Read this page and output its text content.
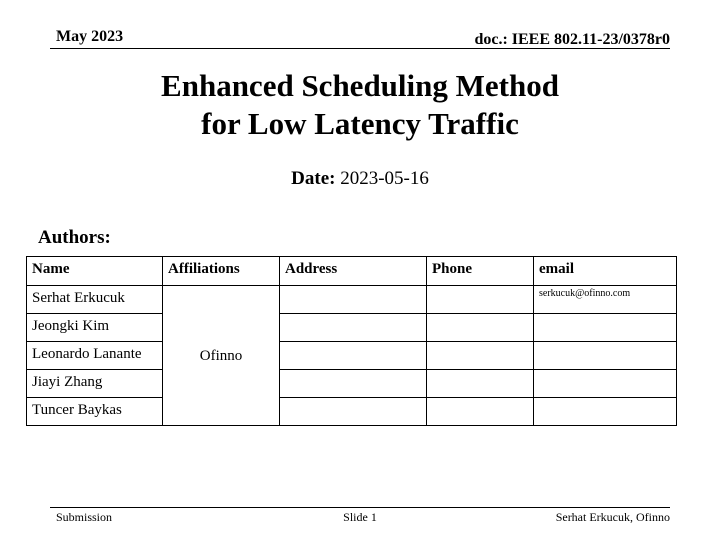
May 2023	doc.: IEEE 802.11-23/0378r0
Enhanced Scheduling Method
for Low Latency Traffic
Date: 2023-05-16
Authors:
Name	Affiliations	Address	Phone	email
Serhat Erkucuk	Ofinno			serkucuk@ofinno.com
Jeongki Kim				
Leonardo Lanante				
Jiayi Zhang				
Tuncer Baykas				
Submission	Slide 1	Serhat Erkucuk, Ofinno
